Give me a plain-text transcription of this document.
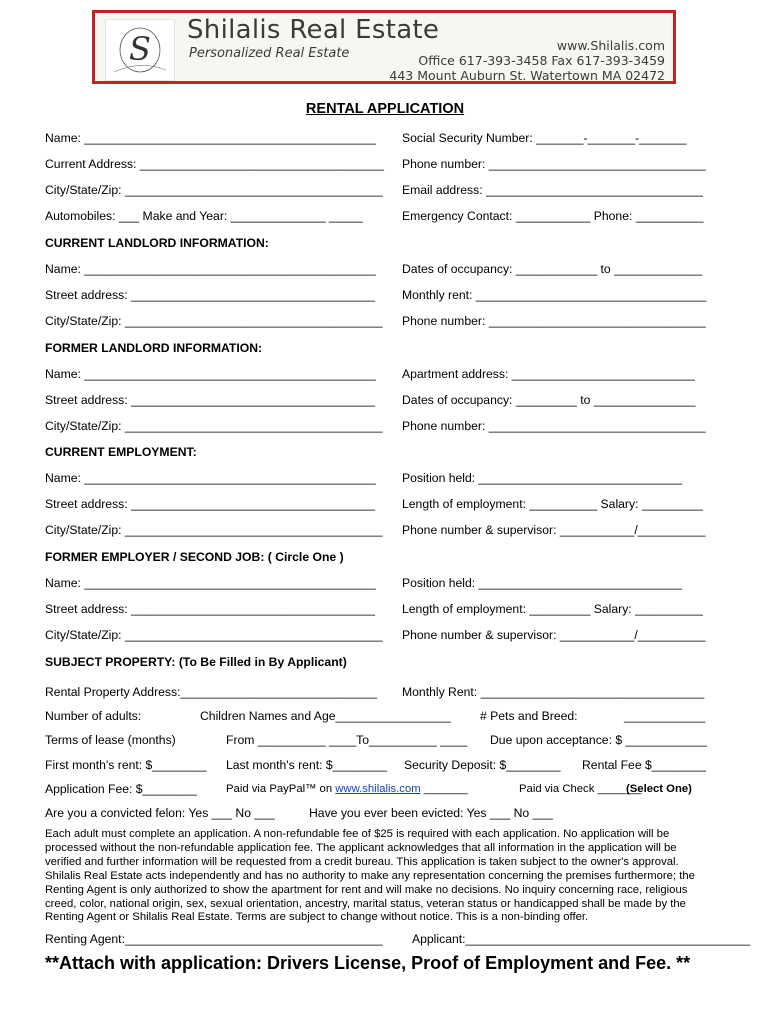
S Shilalis Real Estate
Personalized Real Estate
www.Shilalis.com
Office 617-393-3458 Fax 617-393-3459
443 Mount Auburn St. Watertown MA 02472
RENTAL APPLICATION
Name: ___________________________________________ Social Security Number: _______-_______-_______
Current Address: ____________________________________ Phone number: ________________________________
City/State/Zip: ______________________________________ Email address: ________________________________
Automobiles: ___ Make and Year: ______________ _____	Emergency Contact: ___________ Phone: __________
CURRENT LANDLORD INFORMATION:
Name: ___________________________________________ Dates of occupancy: ____________ to _____________
Street address: ____________________________________ Monthly rent: __________________________________
City/State/Zip: ______________________________________ Phone number: ________________________________
FORMER LANDLORD INFORMATION:
Name: ___________________________________________ Apartment address: ___________________________
Street address: ____________________________________ Dates of occupancy: _________ to _______________
City/State/Zip: ______________________________________ Phone number: ________________________________
CURRENT EMPLOYMENT:
Name: ___________________________________________ Position held: ______________________________
Street address: ____________________________________ Length of employment: __________ Salary: _________
City/State/Zip: ______________________________________ Phone number & supervisor: ___________/__________
FORMER EMPLOYER / SECOND JOB: ( Circle One )
Name: ___________________________________________ Position held: ______________________________
Street address: ____________________________________ Length of employment: _________ Salary: __________
City/State/Zip: ______________________________________ Phone number & supervisor: ___________/__________
SUBJECT PROPERTY: (To Be Filled in By Applicant)
Rental Property Address:_____________________________ Monthly Rent: _________________________________
Number of adults:	Children Names and Age_________________ # Pets and Breed:	____________
Terms of lease (months)	From __________ ____To__________ ____ Due upon acceptance: $ ____________
First month's rent: $________ Last month's rent: $________ Security Deposit: $________ Rental Fee $________
Application Fee: $________	Paid via PayPal™ on www.shilalis.com _______	Paid via Check _______
(Select One)
Are you a convicted felon: Yes ___ No ___	Have you ever been evicted: Yes ___ No ___
Each adult must complete an application. A non-refundable fee of $25 is required with each application. No application will be processed without the non-refundable application fee. The applicant acknowledges that all information in the application will be verified and further information will be requested from a credit bureau. This application is taken subject to the owner's approval. Shilalis Real Estate acts independently and has no authority to make any representation concerning the premises furthermore; the Renting Agent is only authorized to show the apartment for rent and will make no decisions. No inquiry concerning race, religious creed, color, national origin, sex, sexual orientation, ancestry, marital status, veteran status or handicapped shall be made by the Renting Agent or Shilalis Real Estate. Terms are subject to change without notice. This is a non-binding offer.
Renting Agent:______________________________________ Applicant:__________________________________________
**Attach with application: Drivers License, Proof of Employment and Fee. **
